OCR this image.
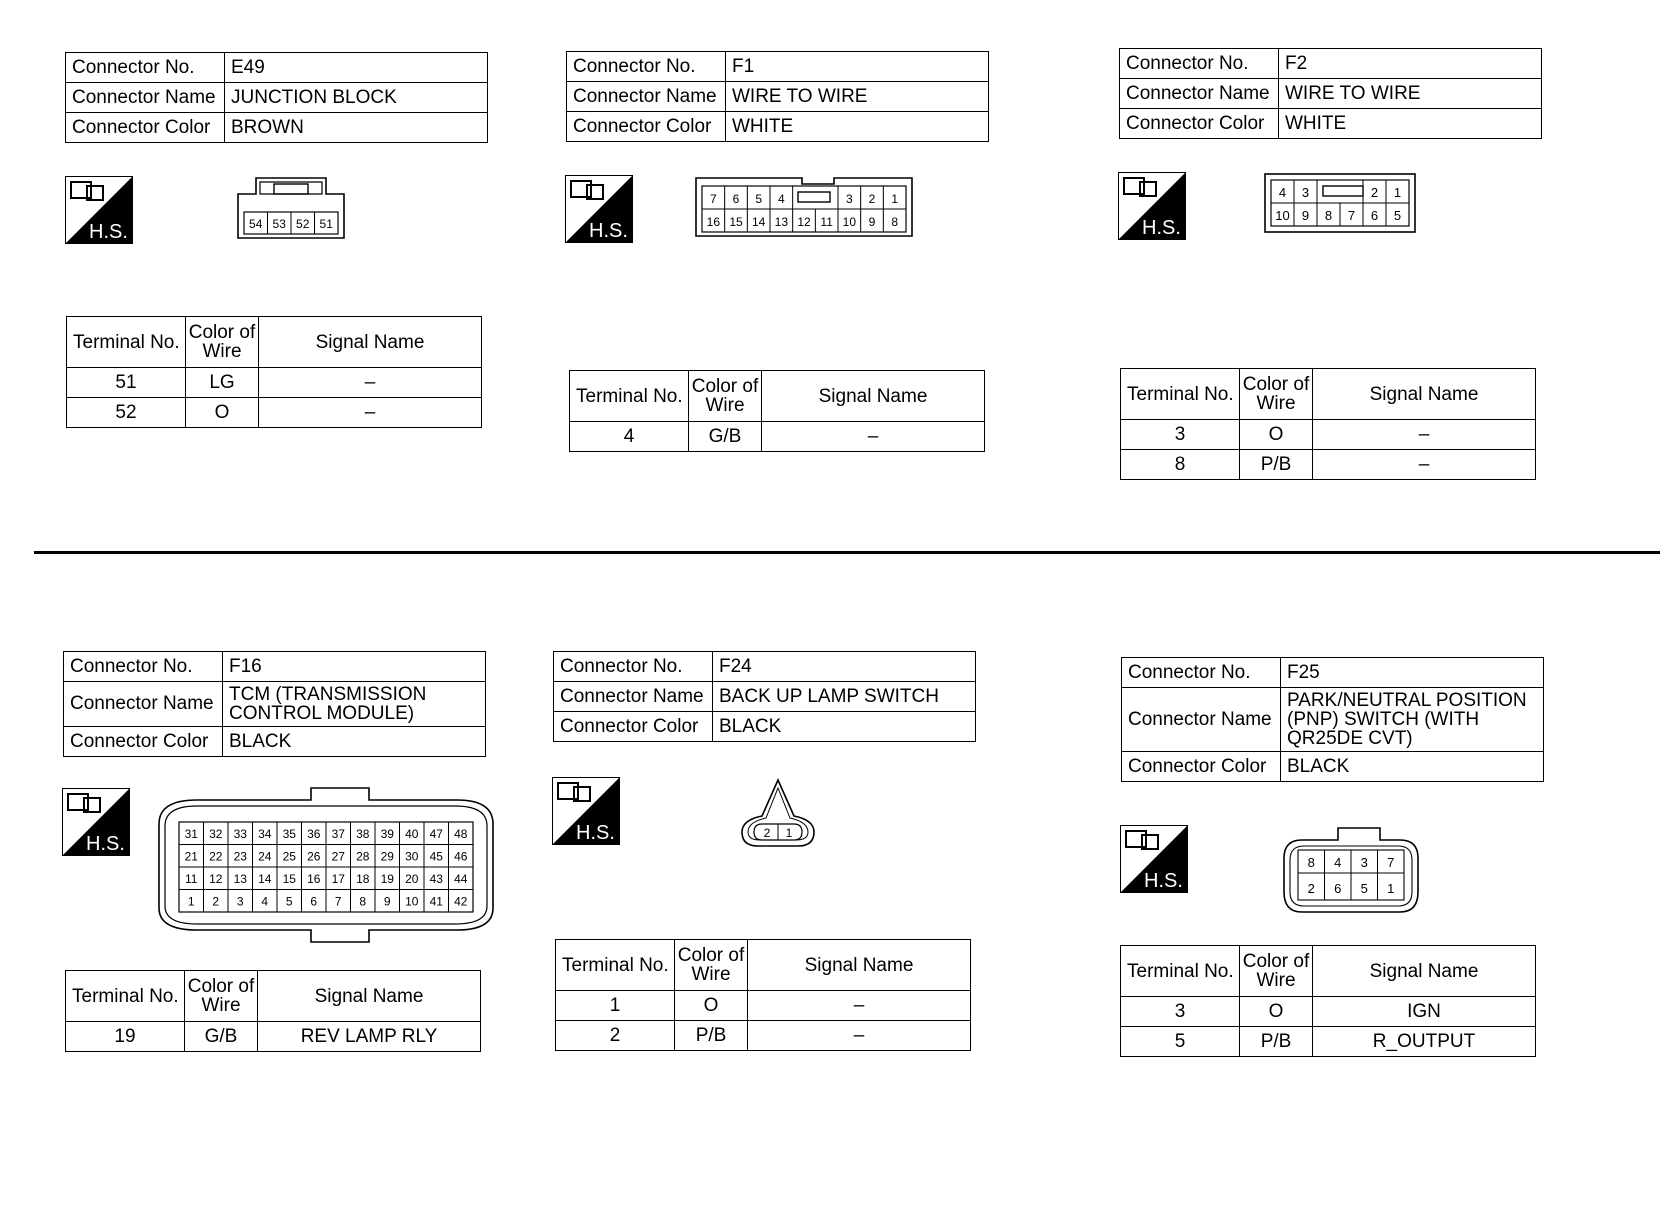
Connector No.	E49
Connector Name	JUNCTION BLOCK
Connector Color	BROWN
H.S.	54 53 52 51
Terminal No.	Color of Wire	Signal Name
51	LG	–
52	O	–
Connector No.	F1
Connector Name	WIRE TO WIRE
Connector Color	WHITE
H.S.
7 6 5 4	3 2 1
16 15 14 13 12 11 10 9 8
Terminal No.	Color of Wire	Signal Name
4	G/B	–
Connector No.	F2
Connector Name	WIRE TO WIRE
Connector Color	WHITE
H.S.
4 3	2 1
10 9 8 7 6 5
Terminal No.	Color of Wire	Signal Name
3	O	–
8	P/B	–
Connector No.	F16
Connector Name	TCM (TRANSMISSION CONTROL MODULE)
Connector Color	BLACK
H.S.	31 32 33 34 35 36 37 38 39 40 47 48
21 22 23 24 25 26 27 28 29 30 45 46
11 12 13 14 15 16 17 18 19 20 43 44
1 2 3 4 5 6 7 8 9 10 41 42
Terminal No.	Color of Wire	Signal Name
19	G/B	REV LAMP RLY
Connector No.	F24
Connector Name	BACK UP LAMP SWITCH
Connector Color	BLACK
H.S.	2 1
Terminal No.	Color of Wire	Signal Name
1	O	–
2	P/B	–
Connector No.	F25
Connector Name	PARK/NEUTRAL POSITION (PNP) SWITCH (WITH QR25DE CVT)
Connector Color	BLACK
H.S.
8 4 3 7
2 6 5 1
Terminal No.	Color of Wire	Signal Name
3	O	IGN
5	P/B	R_OUTPUT
